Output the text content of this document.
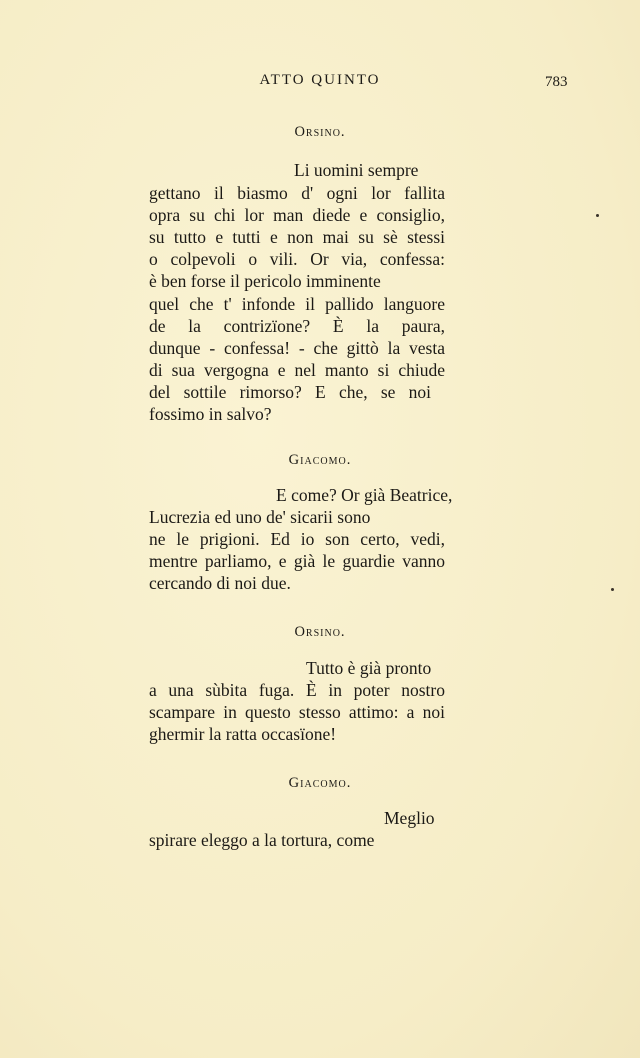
ATTO QUINTO	783
Orsino.
Li uomini sempre
gettano il biasmo d' ogni lor fallita
opra su chi lor man diede e consiglio,
su tutto e tutti e non mai su sè stessi
o colpevoli o vili. Or via, confessa:
è ben forse il pericolo imminente
quel che t' infonde il pallido languore
de la contrizïone? È la paura,
dunque - confessa! - che gittò la vesta
di sua vergogna e nel manto si chiude
del sottile rimorso? E che, se noi
fossimo in salvo?
Giacomo.
E come? Or già Beatrice,
Lucrezia ed uno de' sicarii sono
ne le prigioni. Ed io son certo, vedi,
mentre parliamo, e già le guardie vanno
cercando di noi due.
Orsino.
Tutto è già pronto
a una sùbita fuga. È in poter nostro
scampare in questo stesso attimo: a noi
ghermir la ratta occasïone!
Giacomo.
Meglio
spirare eleggo a la tortura, come
